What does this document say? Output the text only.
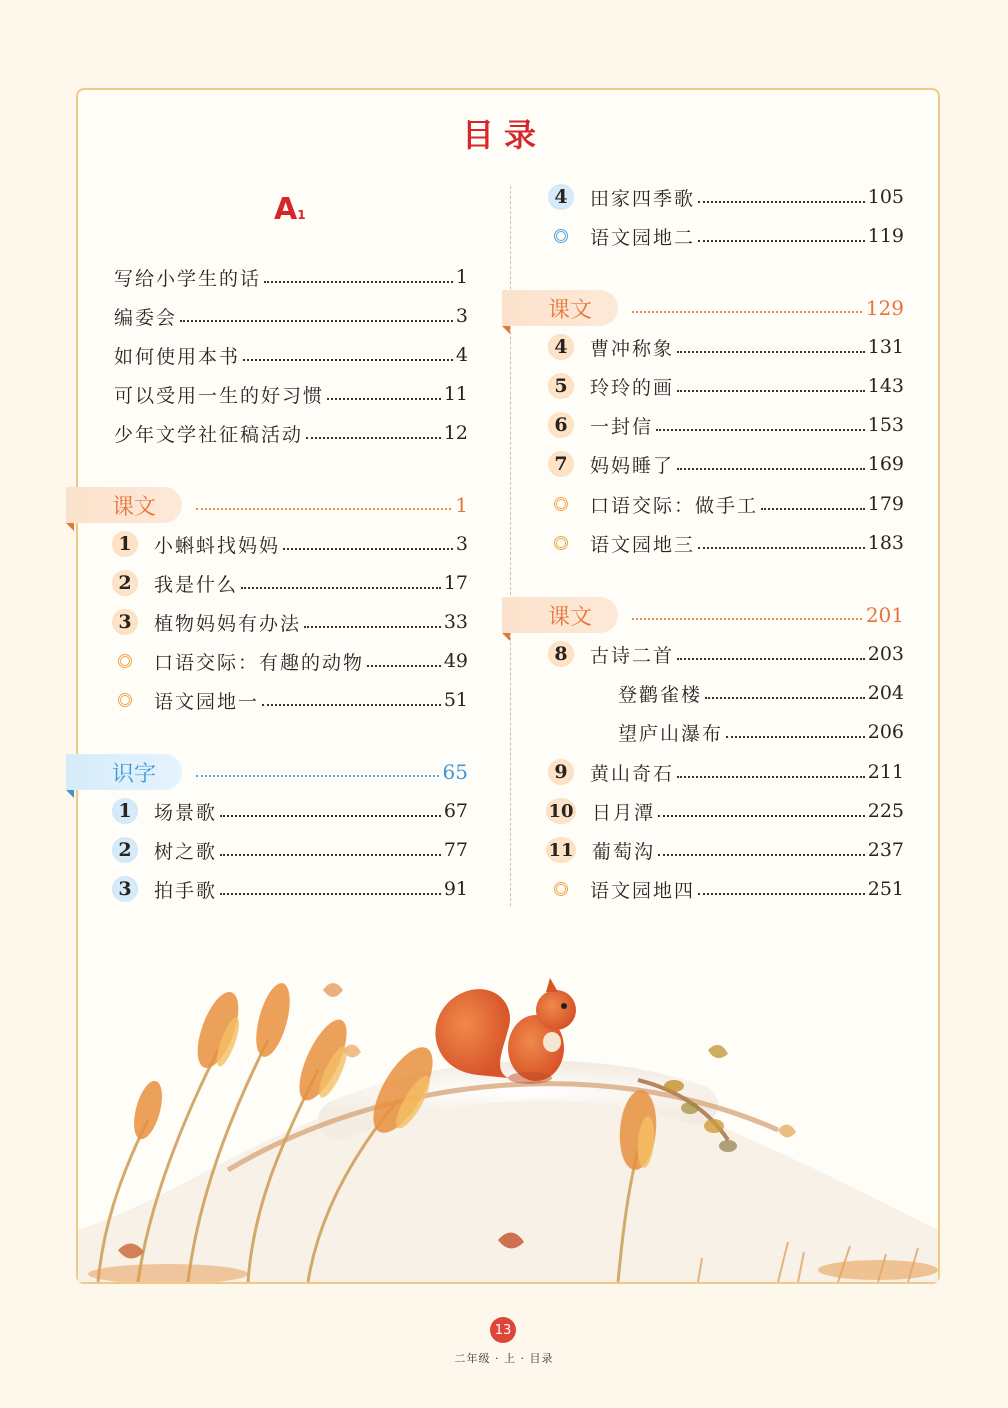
目录
A1
写给小学生的话	1
编委会	3
如何使用本书	4
可以受用一生的好习惯	11
少年文学社征稿活动	12
课文	1
1	小蝌蚪找妈妈	3
2	我是什么	17
3	植物妈妈有办法	33
口语交际：有趣的动物	49
语文园地一	51
识字	65
1	场景歌	67
2	树之歌	77
3	拍手歌	91
4	田家四季歌	105
语文园地二	119
课文	129
4	曹冲称象	131
5	玲玲的画	143
6	一封信	153
7	妈妈睡了	169
口语交际：做手工	179
语文园地三	183
课文	201
8	古诗二首	203
登鹳雀楼	204
望庐山瀑布	206
9	黄山奇石	211
10 日月潭	225
11 葡萄沟	237
语文园地四	251
13
二年级 · 上 · 目录
